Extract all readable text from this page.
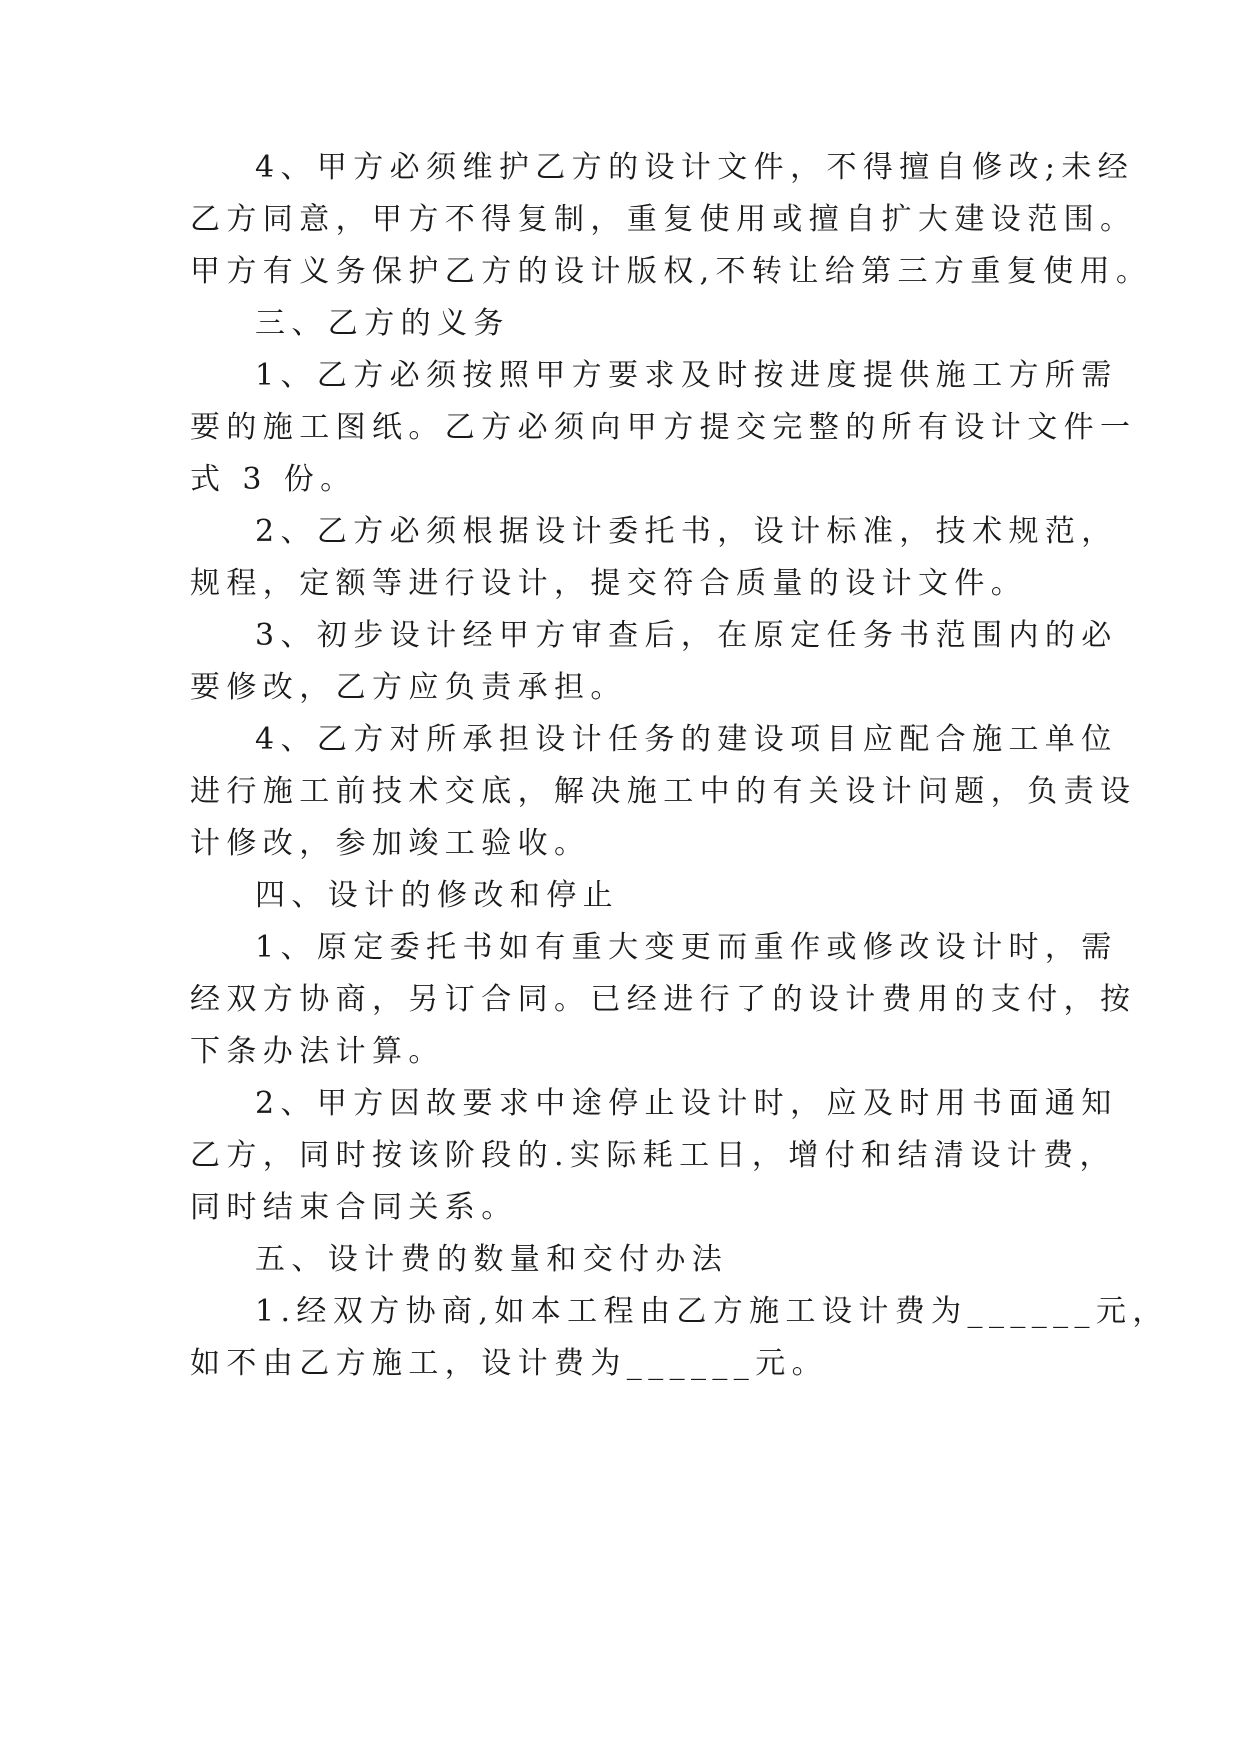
4、甲方必须维护乙方的设计文件，不得擅自修改;未经
乙方同意，甲方不得复制，重复使用或擅自扩大建设范围。
甲方有义务保护乙方的设计版权,不转让给第三方重复使用。
三、乙方的义务
1、乙方必须按照甲方要求及时按进度提供施工方所需
要的施工图纸。乙方必须向甲方提交完整的所有设计文件一
式 3 份。
2、乙方必须根据设计委托书，设计标准，技术规范，
规程，定额等进行设计，提交符合质量的设计文件。
3、初步设计经甲方审查后，在原定任务书范围内的必
要修改，乙方应负责承担。
4、乙方对所承担设计任务的建设项目应配合施工单位
进行施工前技术交底，解决施工中的有关设计问题，负责设
计修改，参加竣工验收。
四、设计的修改和停止
1、原定委托书如有重大变更而重作或修改设计时，需
经双方协商，另订合同。已经进行了的设计费用的支付，按
下条办法计算。
2、甲方因故要求中途停止设计时，应及时用书面通知
乙方，同时按该阶段的.实际耗工日，增付和结清设计费，
同时结束合同关系。
五、设计费的数量和交付办法
1.经双方协商,如本工程由乙方施工设计费为______元，
如不由乙方施工，设计费为______元。
